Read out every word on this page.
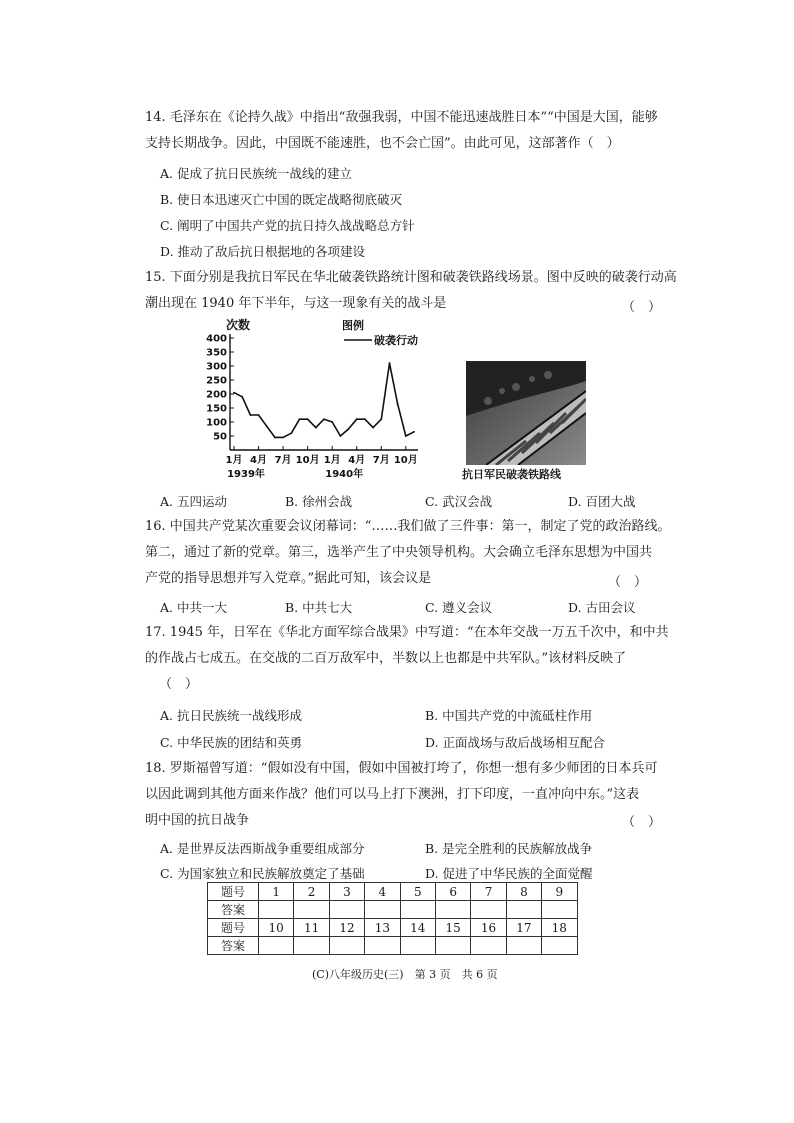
14. 毛泽东在《论持久战》中指出“敌强我弱，中国不能迅速战胜日本”“中国是大国，能够
支持长期战争。因此，中国既不能速胜，也不会亡国”。由此可见，这部著作（　）
A. 促成了抗日民族统一战线的建立
B. 使日本迅速灭亡中国的既定战略彻底破灭
C. 阐明了中国共产党的抗日持久战战略总方针
D. 推动了敌后抗日根据地的各项建设
15. 下面分别是我抗日军民在华北破袭铁路统计图和破袭铁路线场景。图中反映的破袭行动高
潮出现在 1940 年下半年，与这一现象有关的战斗是	（　）
50
100
150
200
250
300
350
400
1月 4月 7月 10月 1月 4月 7月 10月
1939年	1940年
次数	图例
破袭行动
抗日军民破袭铁路线
A. 五四运动	B. 徐州会战	C. 武汉会战	D. 百团大战
16. 中国共产党某次重要会议闭幕词：“……我们做了三件事：第一，制定了党的政治路线。
第二，通过了新的党章。第三，选举产生了中央领导机构。大会确立毛泽东思想为中国共
产党的指导思想并写入党章。”据此可知，该会议是	（　）
A. 中共一大	B. 中共七大	C. 遵义会议	D. 古田会议
17. 1945 年，日军在《华北方面军综合战果》中写道：“在本年交战一万五千次中，和中共
的作战占七成五。在交战的二百万敌军中，半数以上也都是中共军队。”该材料反映了
（　）
A. 抗日民族统一战线形成	B. 中国共产党的中流砥柱作用
C. 中华民族的团结和英勇	D. 正面战场与敌后战场相互配合
18. 罗斯福曾写道：“假如没有中国，假如中国被打垮了，你想一想有多少师团的日本兵可
以因此调到其他方面来作战？他们可以马上打下澳洲，打下印度，一直冲向中东。”这表
明中国的抗日战争	（　）
A. 是世界反法西斯战争重要组成部分	B. 是完全胜利的民族解放战争
C. 为国家独立和民族解放奠定了基础	D. 促进了中华民族的全面觉醒
题号	1	2	3	4	5	6	7	8	9
答案									
题号	10	11	12	13	14	15	16	17	18
答案									
(C)八年级历史(三)　第 3 页　共 6 页
